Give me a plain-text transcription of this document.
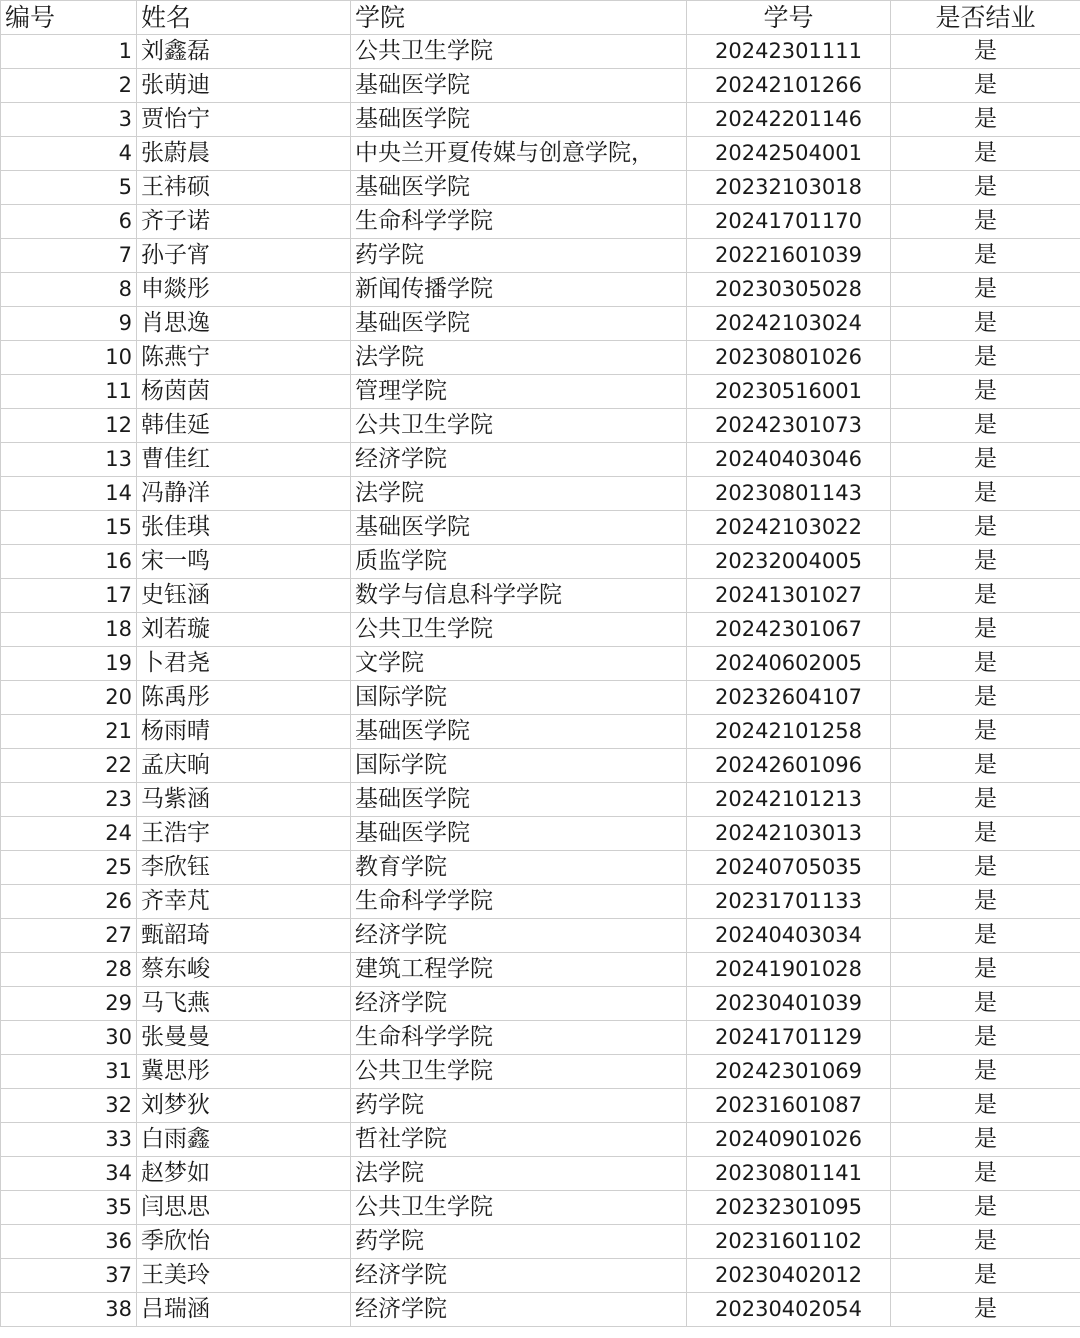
编号	姓名	学院	学号	是否结业
1	刘鑫磊	公共卫生学院	20242301111	是
2	张萌迪	基础医学院	20242101266	是
3	贾怡宁	基础医学院	20242201146	是
4	张蔚晨	中央兰开夏传媒与创意学院，	20242504001	是
5	王祎硕	基础医学院	20232103018	是
6	齐子诺	生命科学学院	20241701170	是
7	孙子宵	药学院	20221601039	是
8	申燚彤	新闻传播学院	20230305028	是
9	肖思逸	基础医学院	20242103024	是
10	陈燕宁	法学院	20230801026	是
11	杨茵茵	管理学院	20230516001	是
12	韩佳延	公共卫生学院	20242301073	是
13	曹佳红	经济学院	20240403046	是
14	冯静洋	法学院	20230801143	是
15	张佳琪	基础医学院	20242103022	是
16	宋一鸣	质监学院	20232004005	是
17	史钰涵	数学与信息科学学院	20241301027	是
18	刘若璇	公共卫生学院	20242301067	是
19	卜君尧	文学院	20240602005	是
20	陈禹彤	国际学院	20232604107	是
21	杨雨晴	基础医学院	20242101258	是
22	孟庆晌	国际学院	20242601096	是
23	马紫涵	基础医学院	20242101213	是
24	王浩宇	基础医学院	20242103013	是
25	李欣钰	教育学院	20240705035	是
26	齐幸芃	生命科学学院	20231701133	是
27	甄韶琦	经济学院	20240403034	是
28	蔡东峻	建筑工程学院	20241901028	是
29	马飞燕	经济学院	20230401039	是
30	张曼曼	生命科学学院	20241701129	是
31	冀思彤	公共卫生学院	20242301069	是
32	刘梦狄	药学院	20231601087	是
33	白雨鑫	哲社学院	20240901026	是
34	赵梦如	法学院	20230801141	是
35	闫思思	公共卫生学院	20232301095	是
36	季欣怡	药学院	20231601102	是
37	王美玲	经济学院	20230402012	是
38	吕瑞涵	经济学院	20230402054	是
